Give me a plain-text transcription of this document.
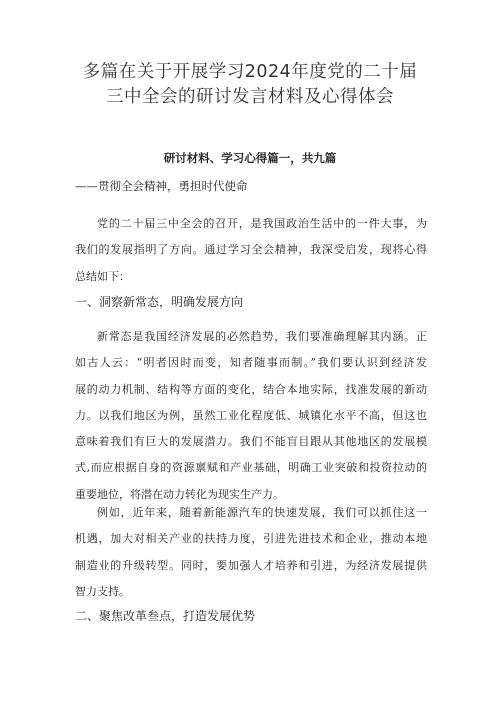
多篇在关于开展学习2024年度党的二十届
三中全会的研讨发言材料及心得体会
研讨材料、学习心得篇一，共九篇
——贯彻全会精神，勇担时代使命
党的二十届三中全会的召开，是我国政治生活中的一件大事，为
我们的发展指明了方向。通过学习全会精神，我深受启发，现将心得
总结如下：
一、洞察新常态，明确发展方向
新常态是我国经济发展的必然趋势，我们要准确理解其内涵。正
如古人云：“明者因时而变，知者随事而制。”我们要认识到经济发
展的动力机制、结构等方面的变化，结合本地实际，找准发展的新动
力。以我们地区为例，虽然工业化程度低、城镇化水平不高，但这也
意味着我们有巨大的发展潜力。我们不能盲目跟从其他地区的发展模
式,而应根据自身的资源禀赋和产业基础，明确工业突破和投资拉动的
重要地位，将潜在动力转化为现实生产力。
例如，近年来，随着新能源汽车的快速发展，我们可以抓住这一
机遇，加大对相关产业的扶持力度，引进先进技术和企业，推动本地
制造业的升级转型。同时，要加强人才培养和引进，为经济发展提供
智力支持。
二、聚焦改革叁点，打造发展优势
